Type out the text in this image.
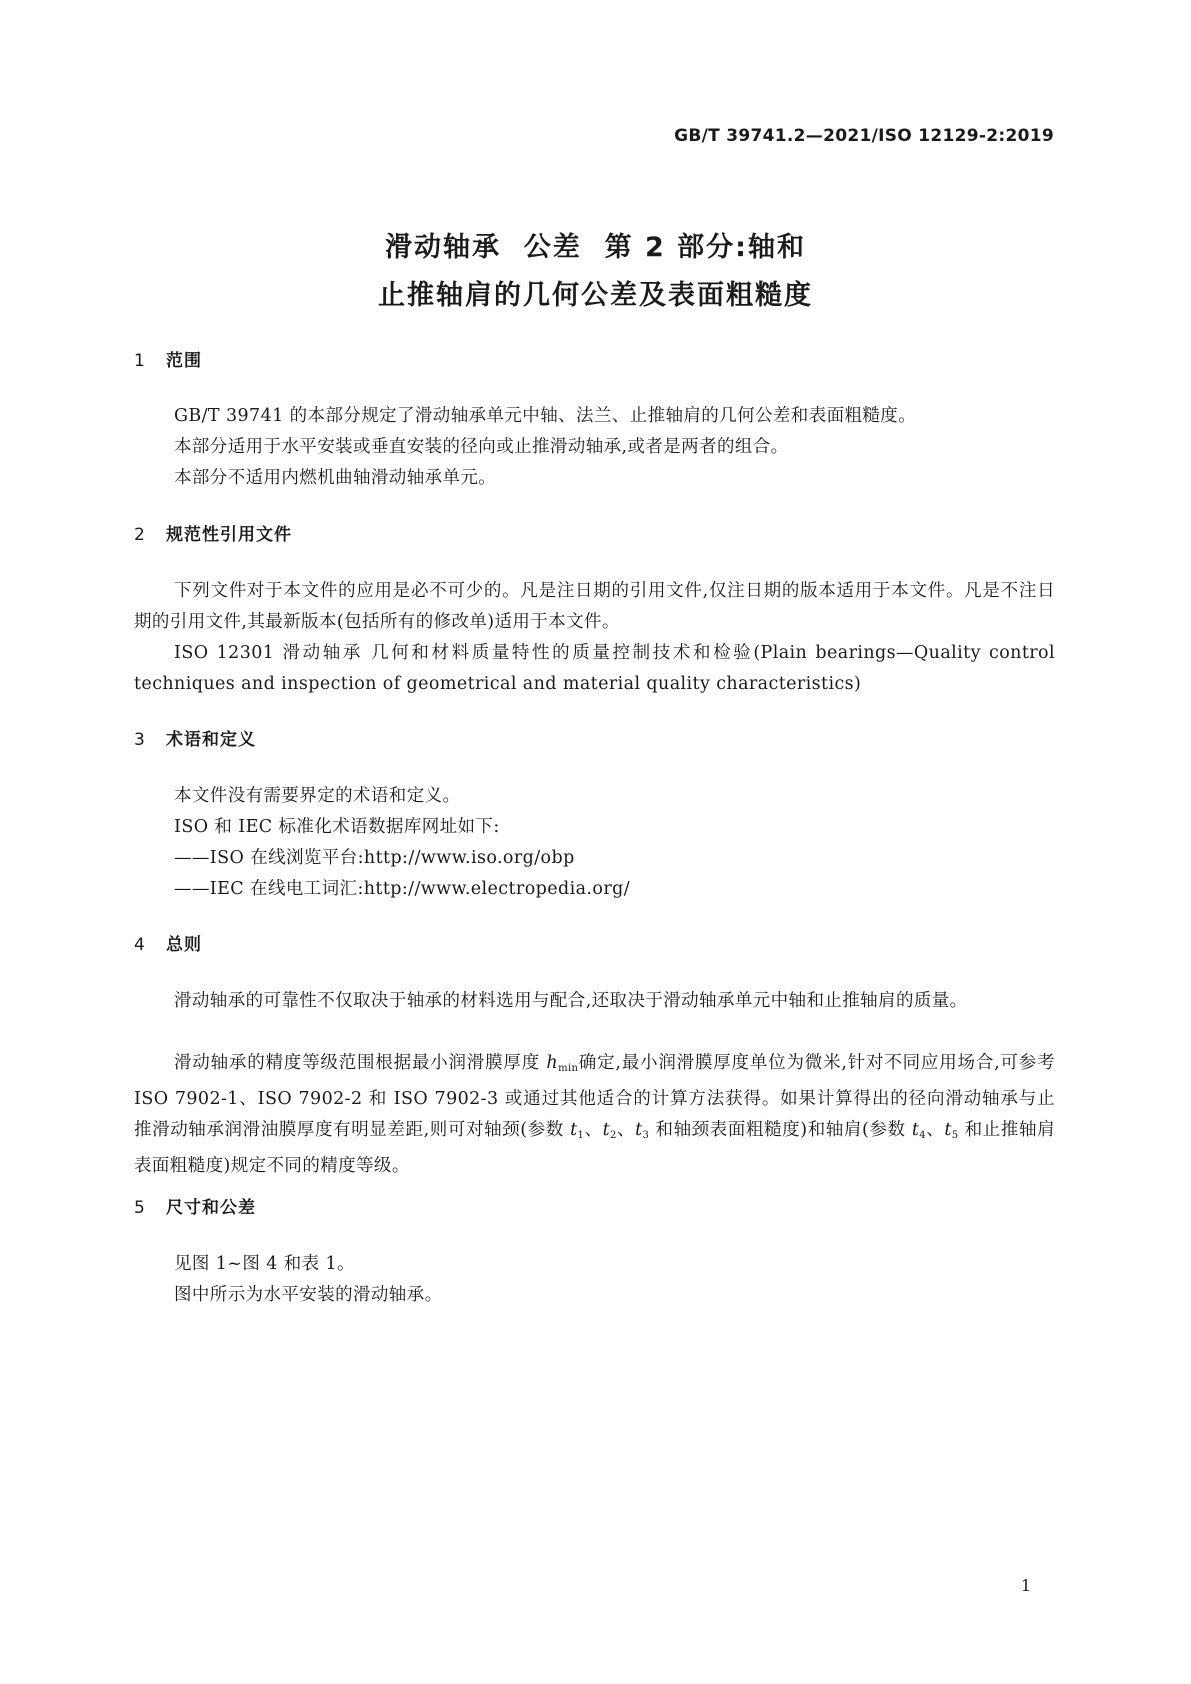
GB/T 39741.2—2021/ISO 12129-2:2019
滑动轴承  公差  第 2 部分:轴和
止推轴肩的几何公差及表面粗糙度
1 范围
GB/T 39741 的本部分规定了滑动轴承单元中轴、法兰、止推轴肩的几何公差和表面粗糙度。
本部分适用于水平安装或垂直安装的径向或止推滑动轴承,或者是两者的组合。
本部分不适用内燃机曲轴滑动轴承单元。
2 规范性引用文件
下列文件对于本文件的应用是必不可少的。凡是注日期的引用文件,仅注日期的版本适用于本文件。凡是不注日期的引用文件,其最新版本(包括所有的修改单)适用于本文件。
ISO 12301 滑动轴承 几何和材料质量特性的质量控制技术和检验(Plain bearings—Quality control techniques and inspection of geometrical and material quality characteristics)
3 术语和定义
本文件没有需要界定的术语和定义。
ISO 和 IEC 标准化术语数据库网址如下:
——ISO 在线浏览平台:http://www.iso.org/obp
——IEC 在线电工词汇:http://www.electropedia.org/
4 总则
滑动轴承的可靠性不仅取决于轴承的材料选用与配合,还取决于滑动轴承单元中轴和止推轴肩的质量。
滑动轴承的精度等级范围根据最小润滑膜厚度 $h_{min}$确定,最小润滑膜厚度单位为微米,针对不同应用场合,可参考 ISO 7902-1、ISO 7902-2 和 ISO 7902-3 或通过其他适合的计算方法获得。如果计算得出的径向滑动轴承与止推滑动轴承润滑油膜厚度有明显差距,则可对轴颈(参数 $t_1$、$t_2$、$t_3$ 和轴颈表面粗糙度)和轴肩(参数 $t_4$、$t_5$ 和止推轴肩表面粗糙度)规定不同的精度等级。
5 尺寸和公差
见图 1~图 4 和表 1。
图中所示为水平安装的滑动轴承。
1
